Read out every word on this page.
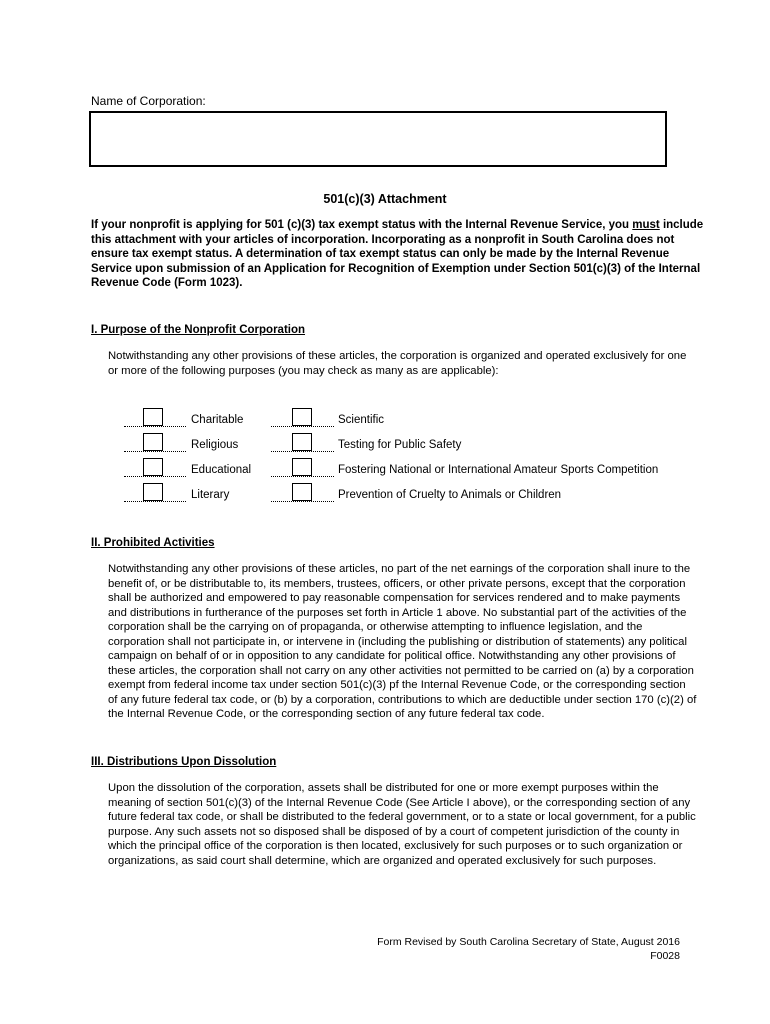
Name of Corporation:
501(c)(3) Attachment
If your nonprofit is applying for 501 (c)(3) tax exempt status with the Internal Revenue Service, you must include this attachment with your articles of incorporation. Incorporating as a nonprofit in South Carolina does not ensure tax exempt status. A determination of tax exempt status can only be made by the Internal Revenue Service upon submission of an Application for Recognition of Exemption under Section 501(c)(3) of the Internal Revenue Code (Form 1023).
I. Purpose of the Nonprofit Corporation
Notwithstanding any other provisions of these articles, the corporation is organized and operated exclusively for one or more of the following purposes (you may check as many as are applicable):
Charitable
Religious
Educational
Literary
Scientific
Testing for Public Safety
Fostering National or International Amateur Sports Competition
Prevention of Cruelty to Animals or Children
II. Prohibited Activities
Notwithstanding any other provisions of these articles, no part of the net earnings of the corporation shall inure to the benefit of, or be distributable to, its members, trustees, officers, or other private persons, except that the corporation shall be authorized and empowered to pay reasonable compensation for services rendered and to make payments and distributions in furtherance of the purposes set forth in Article 1 above. No substantial part of the activities of the corporation shall be the carrying on of propaganda, or otherwise attempting to influence legislation, and the corporation shall not participate in, or intervene in (including the publishing or distribution of statements) any political campaign on behalf of or in opposition to any candidate for political office. Notwithstanding any other provisions of these articles, the corporation shall not carry on any other activities not permitted to be carried on (a) by a corporation exempt from federal income tax under section 501(c)(3) pf the Internal Revenue Code, or the corresponding section of any future federal tax code, or (b) by a corporation, contributions to which are deductible under section 170 (c)(2) of the Internal Revenue Code, or the corresponding section of any future federal tax code.
III. Distributions Upon Dissolution
Upon the dissolution of the corporation, assets shall be distributed for one or more exempt purposes within the meaning of section 501(c)(3) of the Internal Revenue Code (See Article I above), or the corresponding section of any future federal tax code, or shall be distributed to the federal government, or to a state or local government, for a public purpose. Any such assets not so disposed shall be disposed of by a court of competent jurisdiction of the county in which the principal office of the corporation is then located, exclusively for such purposes or to such organization or organizations, as said court shall determine, which are organized and operated exclusively for such purposes.
Form Revised by South Carolina Secretary of State, August 2016
F0028
